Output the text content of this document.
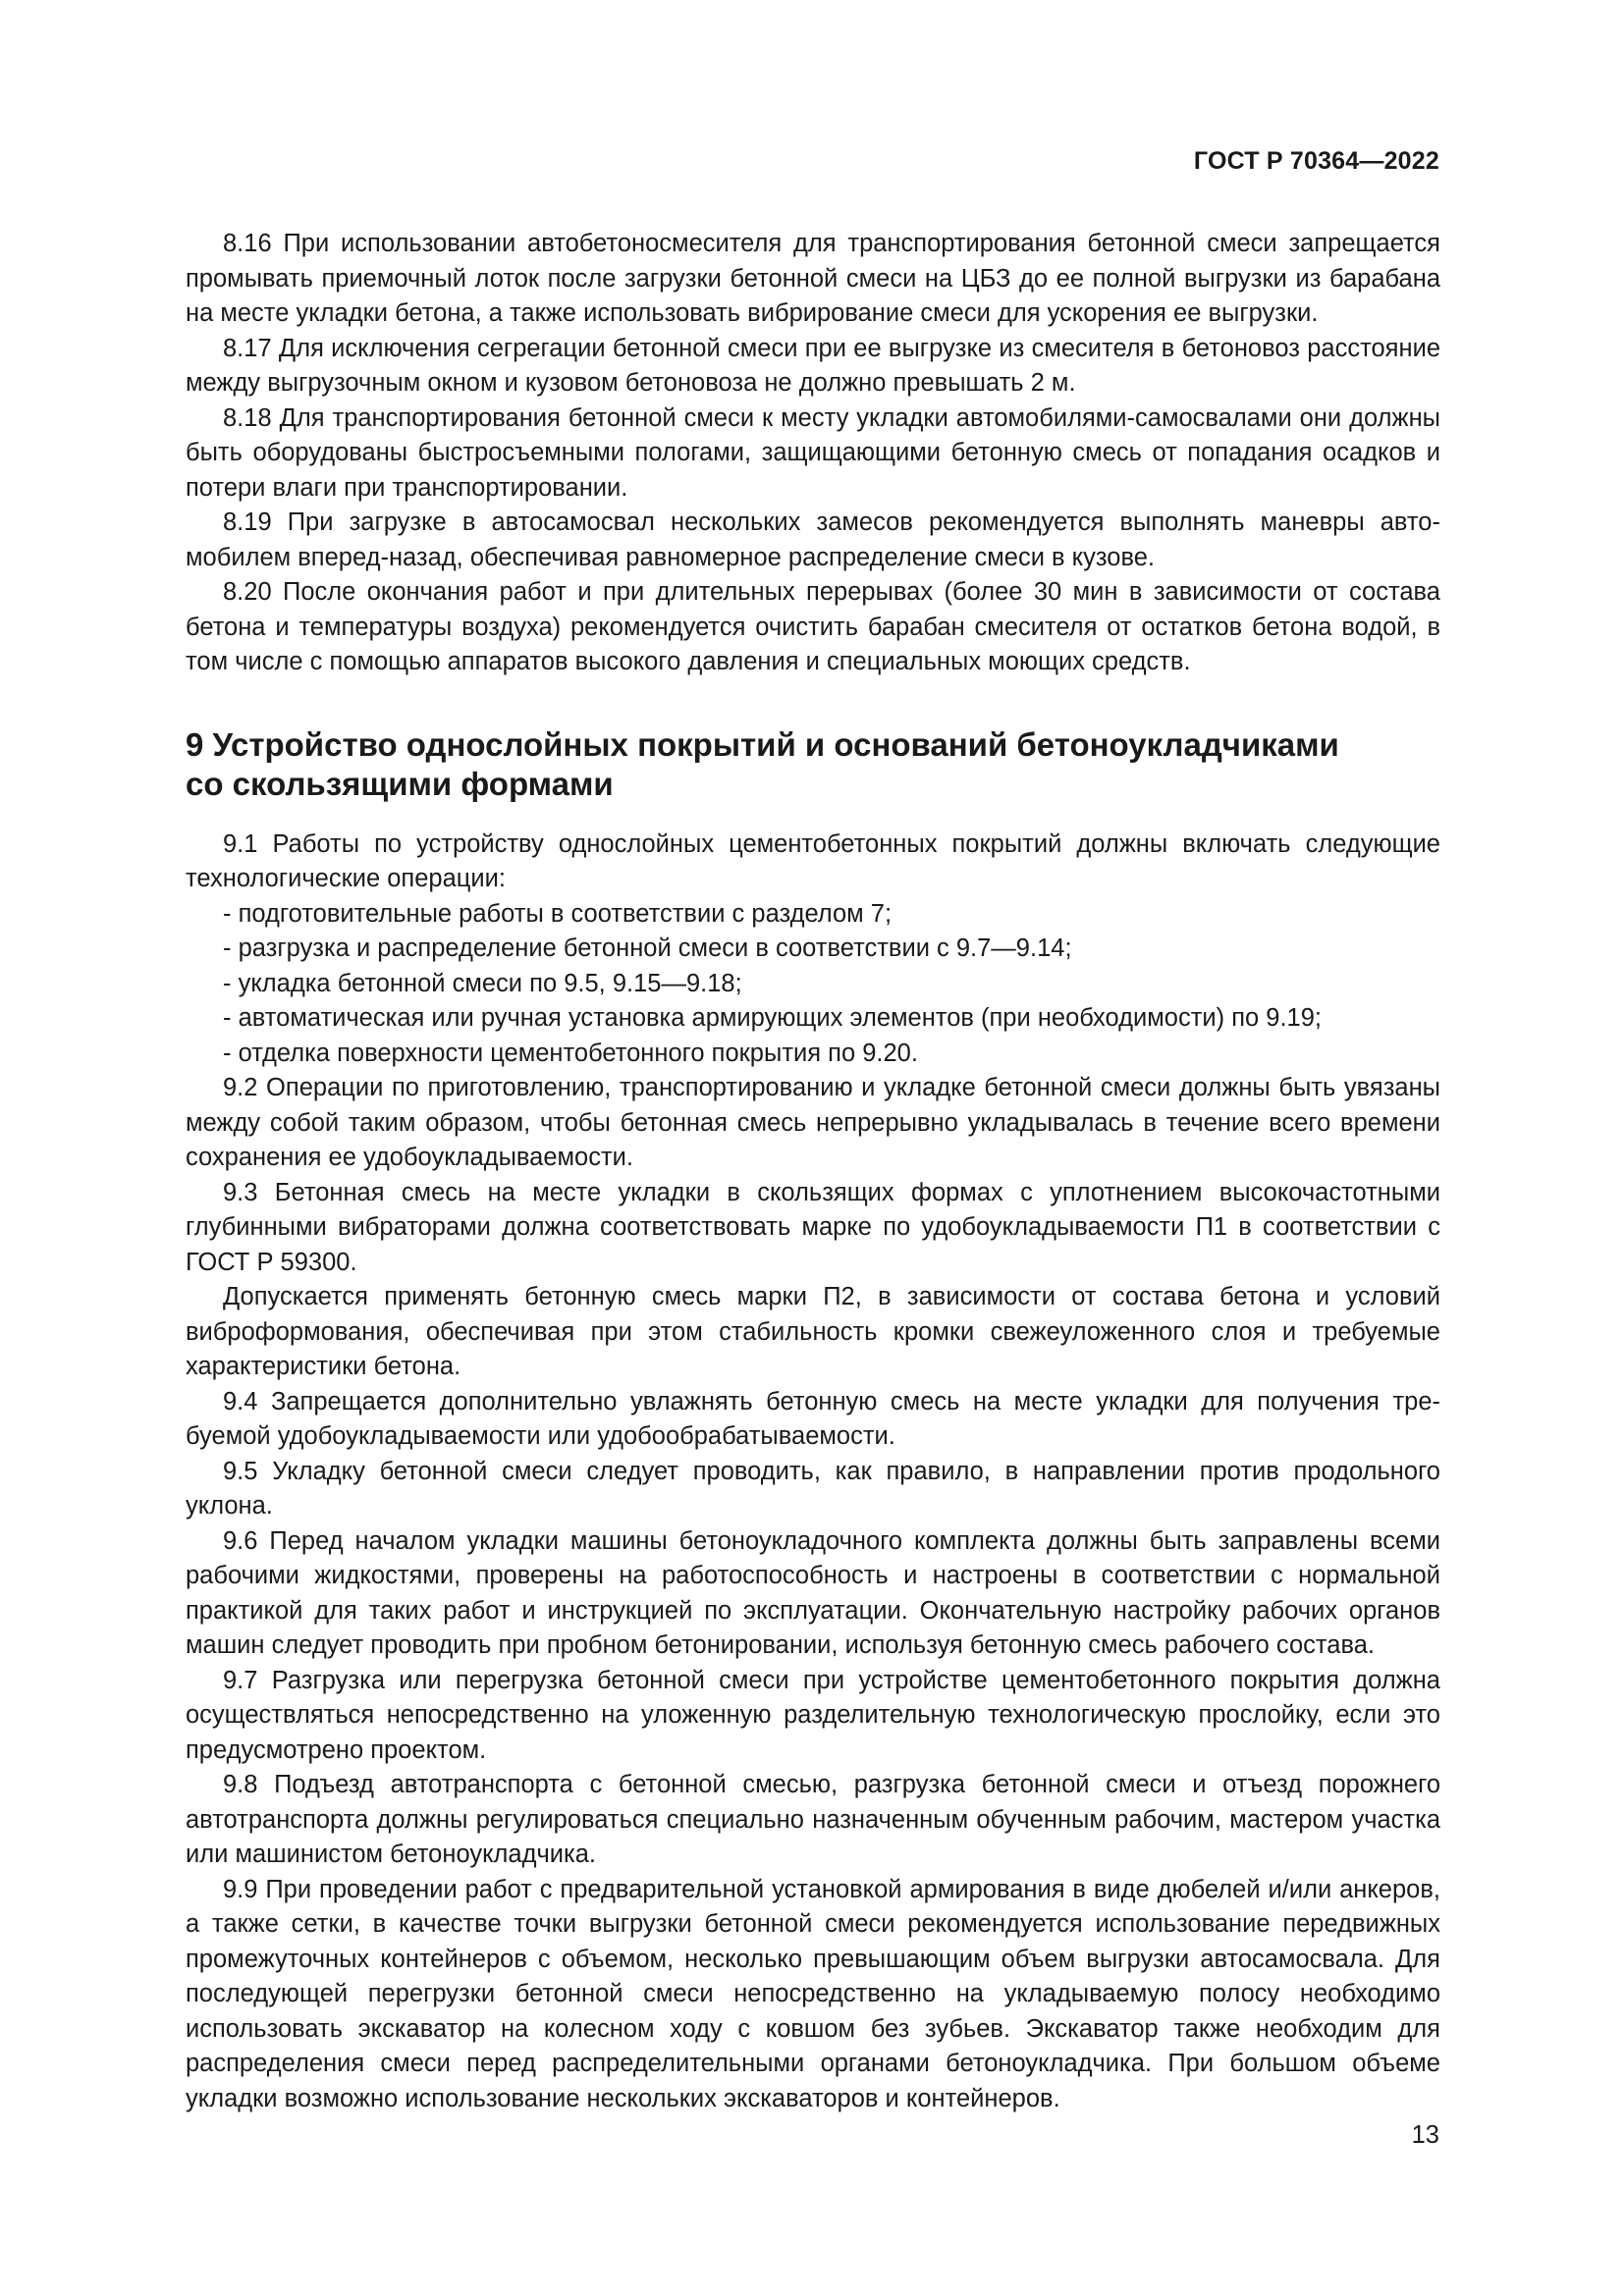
ГОСТ Р 70364—2022

8.16 При использовании автобетоносмесителя для транспортирования бетонной смеси запрещается промывать приемочный лоток после загрузки бетонной смеси на ЦБЗ до ее полной выгрузки из барабана на месте укладки бетона, а также использовать вибрирование смеси для ускорения ее выгрузки.

8.17 Для исключения сегрегации бетонной смеси при ее выгрузке из смесителя в бетоновоз расстояние между выгрузочным окном и кузовом бетоновоза не должно превышать 2 м.

8.18 Для транспортирования бетонной смеси к месту укладки автомобилями-самосвалами они должны быть оборудованы быстросъемными пологами, защищающими бетонную смесь от попадания осадков и потери влаги при транспортировании.

8.19 При загрузке в автосамосвал нескольких замесов рекомендуется выполнять маневры автомобилем вперед-назад, обеспечивая равномерное распределение смеси в кузове.

8.20 После окончания работ и при длительных перерывах (более 30 мин в зависимости от состава бетона и температуры воздуха) рекомендуется очистить барабан смесителя от остатков бетона водой, в том числе с помощью аппаратов высокого давления и специальных моющих средств.

9 Устройство однослойных покрытий и оснований бетоноукладчиками
со скользящими формами

9.1 Работы по устройству однослойных цементобетонных покрытий должны включать следующие технологические операции:

- подготовительные работы в соответствии с разделом 7;

- разгрузка и распределение бетонной смеси в соответствии с 9.7—9.14;

- укладка бетонной смеси по 9.5, 9.15—9.18;

- автоматическая или ручная установка армирующих элементов (при необходимости) по 9.19;

- отделка поверхности цементобетонного покрытия по 9.20.

9.2 Операции по приготовлению, транспортированию и укладке бетонной смеси должны быть увязаны между собой таким образом, чтобы бетонная смесь непрерывно укладывалась в течение всего времени сохранения ее удобоукладываемости.

9.3 Бетонная смесь на месте укладки в скользящих формах с уплотнением высокочастотными глубинными вибраторами должна соответствовать марке по удобоукладываемости П1 в соответствии с ГОСТ Р 59300.

Допускается применять бетонную смесь марки П2, в зависимости от состава бетона и условий виброформования, обеспечивая при этом стабильность кромки свежеуложенного слоя и требуемые характеристики бетона.

9.4 Запрещается дополнительно увлажнять бетонную смесь на месте укладки для получения требуемой удобоукладываемости или удобообрабатываемости.

9.5 Укладку бетонной смеси следует проводить, как правило, в направлении против продольного уклона.

9.6 Перед началом укладки машины бетоноукладочного комплекта должны быть заправлены всеми рабочими жидкостями, проверены на работоспособность и настроены в соответствии с нормальной практикой для таких работ и инструкцией по эксплуатации. Окончательную настройку рабочих органов машин следует проводить при пробном бетонировании, используя бетонную смесь рабочего состава.

9.7 Разгрузка или перегрузка бетонной смеси при устройстве цементобетонного покрытия должна осуществляться непосредственно на уложенную разделительную технологическую прослойку, если это предусмотрено проектом.

9.8 Подъезд автотранспорта с бетонной смесью, разгрузка бетонной смеси и отъезд порожнего автотранспорта должны регулироваться специально назначенным обученным рабочим, мастером участка или машинистом бетоноукладчика.

9.9 При проведении работ с предварительной установкой армирования в виде дюбелей и/или анкеров, а также сетки, в качестве точки выгрузки бетонной смеси рекомендуется использование передвижных промежуточных контейнеров с объемом, несколько превышающим объем выгрузки автосамосвала. Для последующей перегрузки бетонной смеси непосредственно на укладываемую полосу необходимо использовать экскаватор на колесном ходу с ковшом без зубьев. Экскаватор также необходим для распределения смеси перед распределительными органами бетоноукладчика. При большом объеме укладки возможно использование нескольких экскаваторов и контейнеров.

13
